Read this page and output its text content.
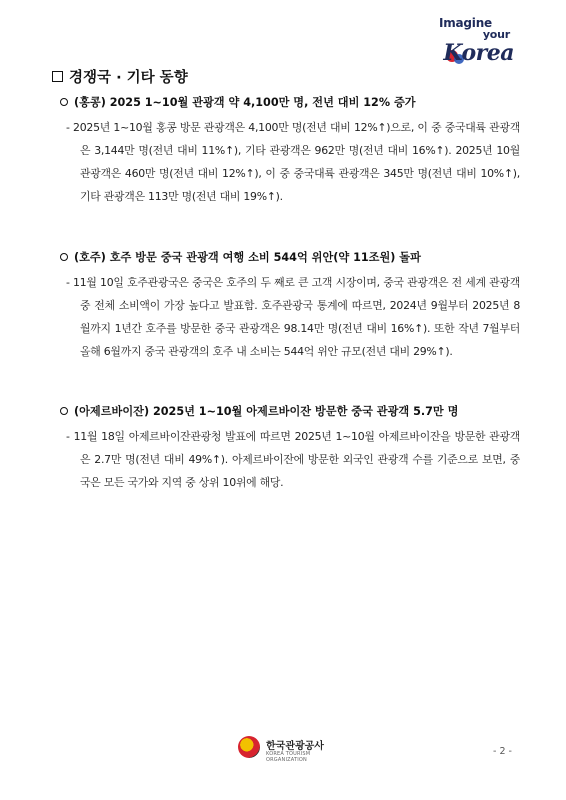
Imagine
your
Korea
경쟁국 · 기타 동향
(홍콩) 2025 1~10월 관광객 약 4,100만 명, 전년 대비 12% 증가
- 2025년 1~10월 홍콩 방문 관광객은 4,100만 명(전년 대비 12%↑)으로, 이 중 중국대륙 관광객은 3,144만 명(전년 대비 11%↑), 기타 관광객은 962만 명(전년 대비 16%↑). 2025년 10월 관광객은 460만 명(전년 대비 12%↑), 이 중 중국대륙 관광객은 345만 명(전년 대비 10%↑), 기타 관광객은 113만 명(전년 대비 19%↑).
(호주) 호주 방문 중국 관광객 여행 소비 544억 위안(약 11조원) 돌파
- 11월 10일 호주관광국은 중국은 호주의 두 째로 큰 고객 시장이며, 중국 관광객은 전 세계 관광객 중 전체 소비액이 가장 높다고 발표함. 호주관광국 통계에 따르면, 2024년 9월부터 2025년 8월까지 1년간 호주를 방문한 중국 관광객은 98.14만 명(전년 대비 16%↑). 또한 작년 7월부터 올해 6월까지 중국 관광객의 호주 내 소비는 544억 위안 규모(전년 대비 29%↑).
(아제르바이잔) 2025년 1~10월 아제르바이잔 방문한 중국 관광객 5.7만 명
- 11월 18일 아제르바이잔관광청 발표에 따르면 2025년 1~10월 아제르바이잔을 방문한 관광객은 2.7만 명(전년 대비 49%↑). 아제르바이잔에 방문한 외국인 관광객 수를 기준으로 보면, 중국은 모든 국가와 지역 중 상위 10위에 해당.
한국관광공사
KOREA TOURISM ORGANIZATION
- 2 -
